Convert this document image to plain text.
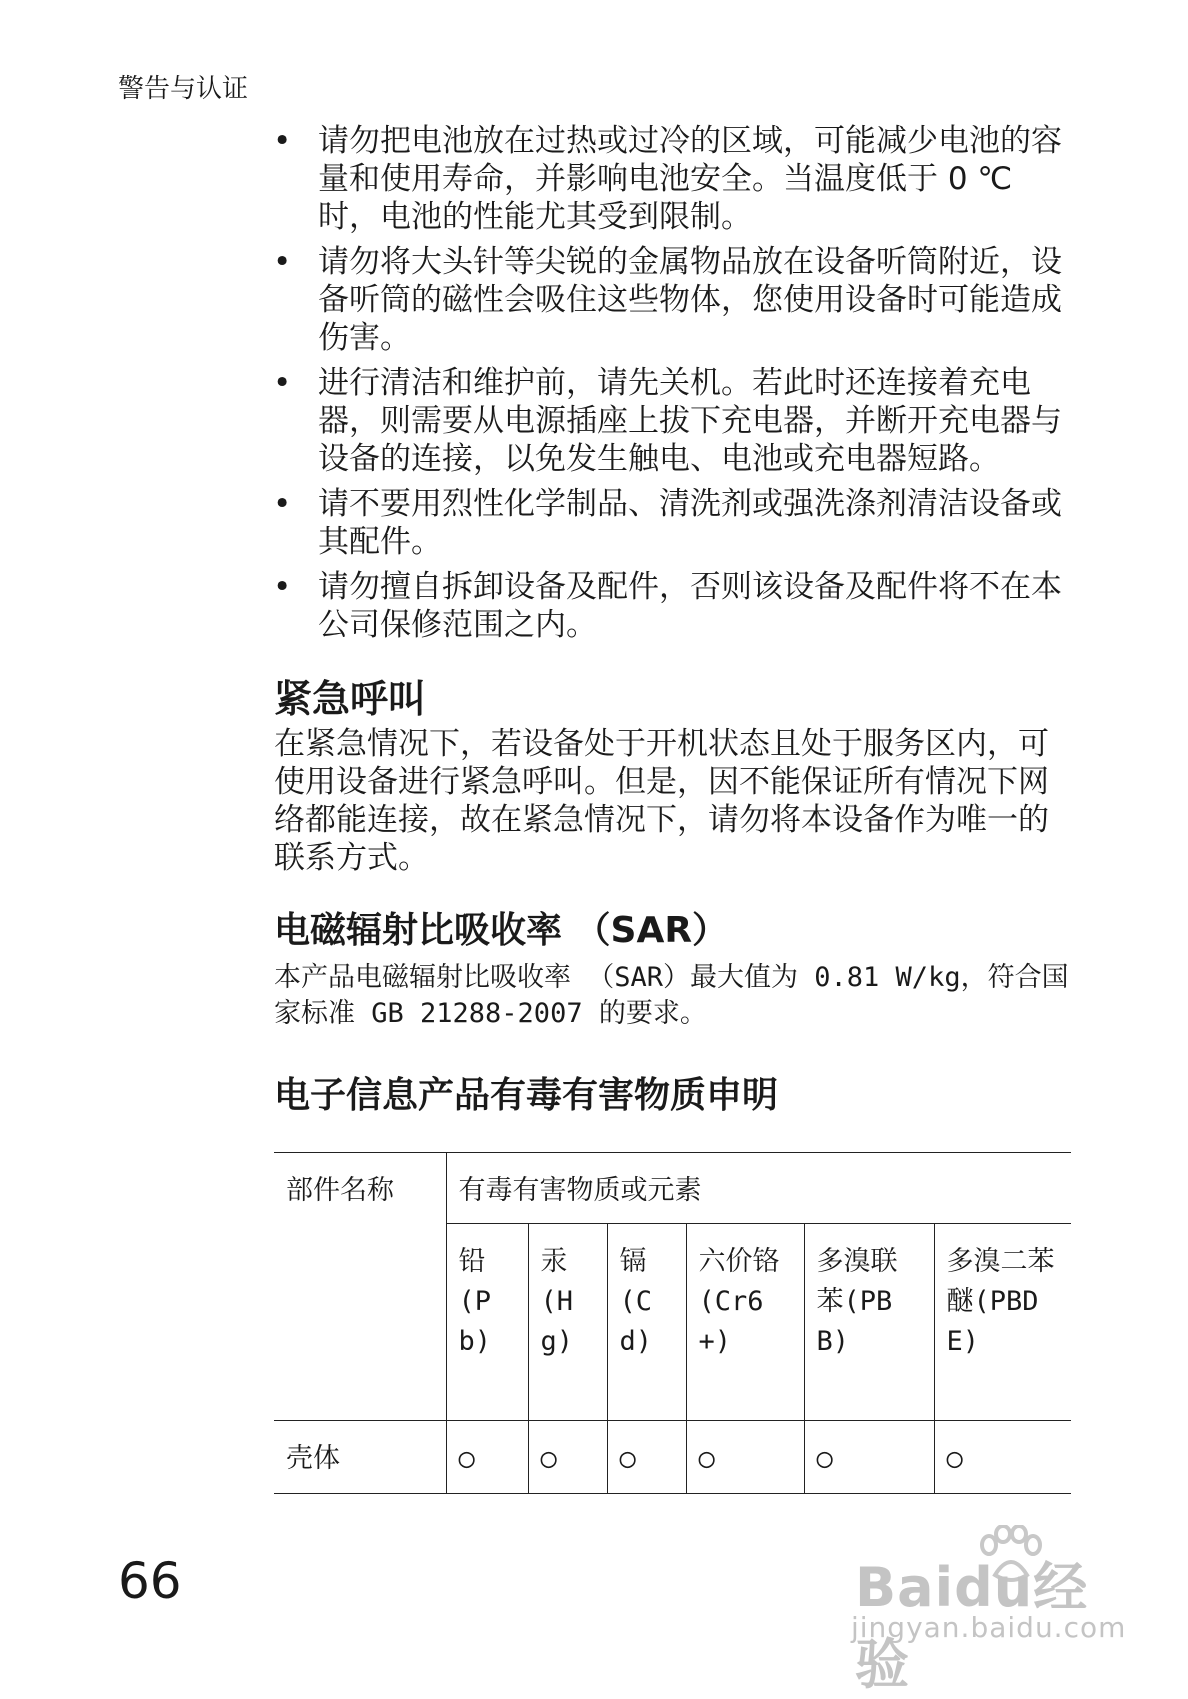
警告与认证
• 请勿把电池放在过热或过冷的区域，可能减少电池的容量和使用寿命，并影响电池安全。当温度低于 0 ℃ 时，电池的性能尤其受到限制。
• 请勿将大头针等尖锐的金属物品放在设备听筒附近，设备听筒的磁性会吸住这些物体，您使用设备时可能造成伤害。
• 进行清洁和维护前，请先关机。若此时还连接着充电器，则需要从电源插座上拔下充电器，并断开充电器与设备的连接，以免发生触电、电池或充电器短路。
• 请不要用烈性化学制品、清洗剂或强洗涤剂清洁设备或其配件。
• 请勿擅自拆卸设备及配件，否则该设备及配件将不在本公司保修范围之内。
紧急呼叫
在紧急情况下，若设备处于开机状态且处于服务区内，可使用设备进行紧急呼叫。但是，因不能保证所有情况下网络都能连接，故在紧急情况下，请勿将本设备作为唯一的联系方式。
电磁辐射比吸收率 （SAR）
本产品电磁辐射比吸收率 （SAR）最大值为 0.81 W/kg，符合国家标准 GB 21288-2007 的要求。
电子信息产品有毒有害物质申明
部件名称	有毒有害物质或元素					
	铅(Pb)	汞(Hg)	镉(Cd)	六价铬(Cr6+)	多溴联苯(PBB)	多溴二苯醚(PBDE)
壳体	○	○	○	○	○	○
66	Baidu经验
jingyan.baidu.com
